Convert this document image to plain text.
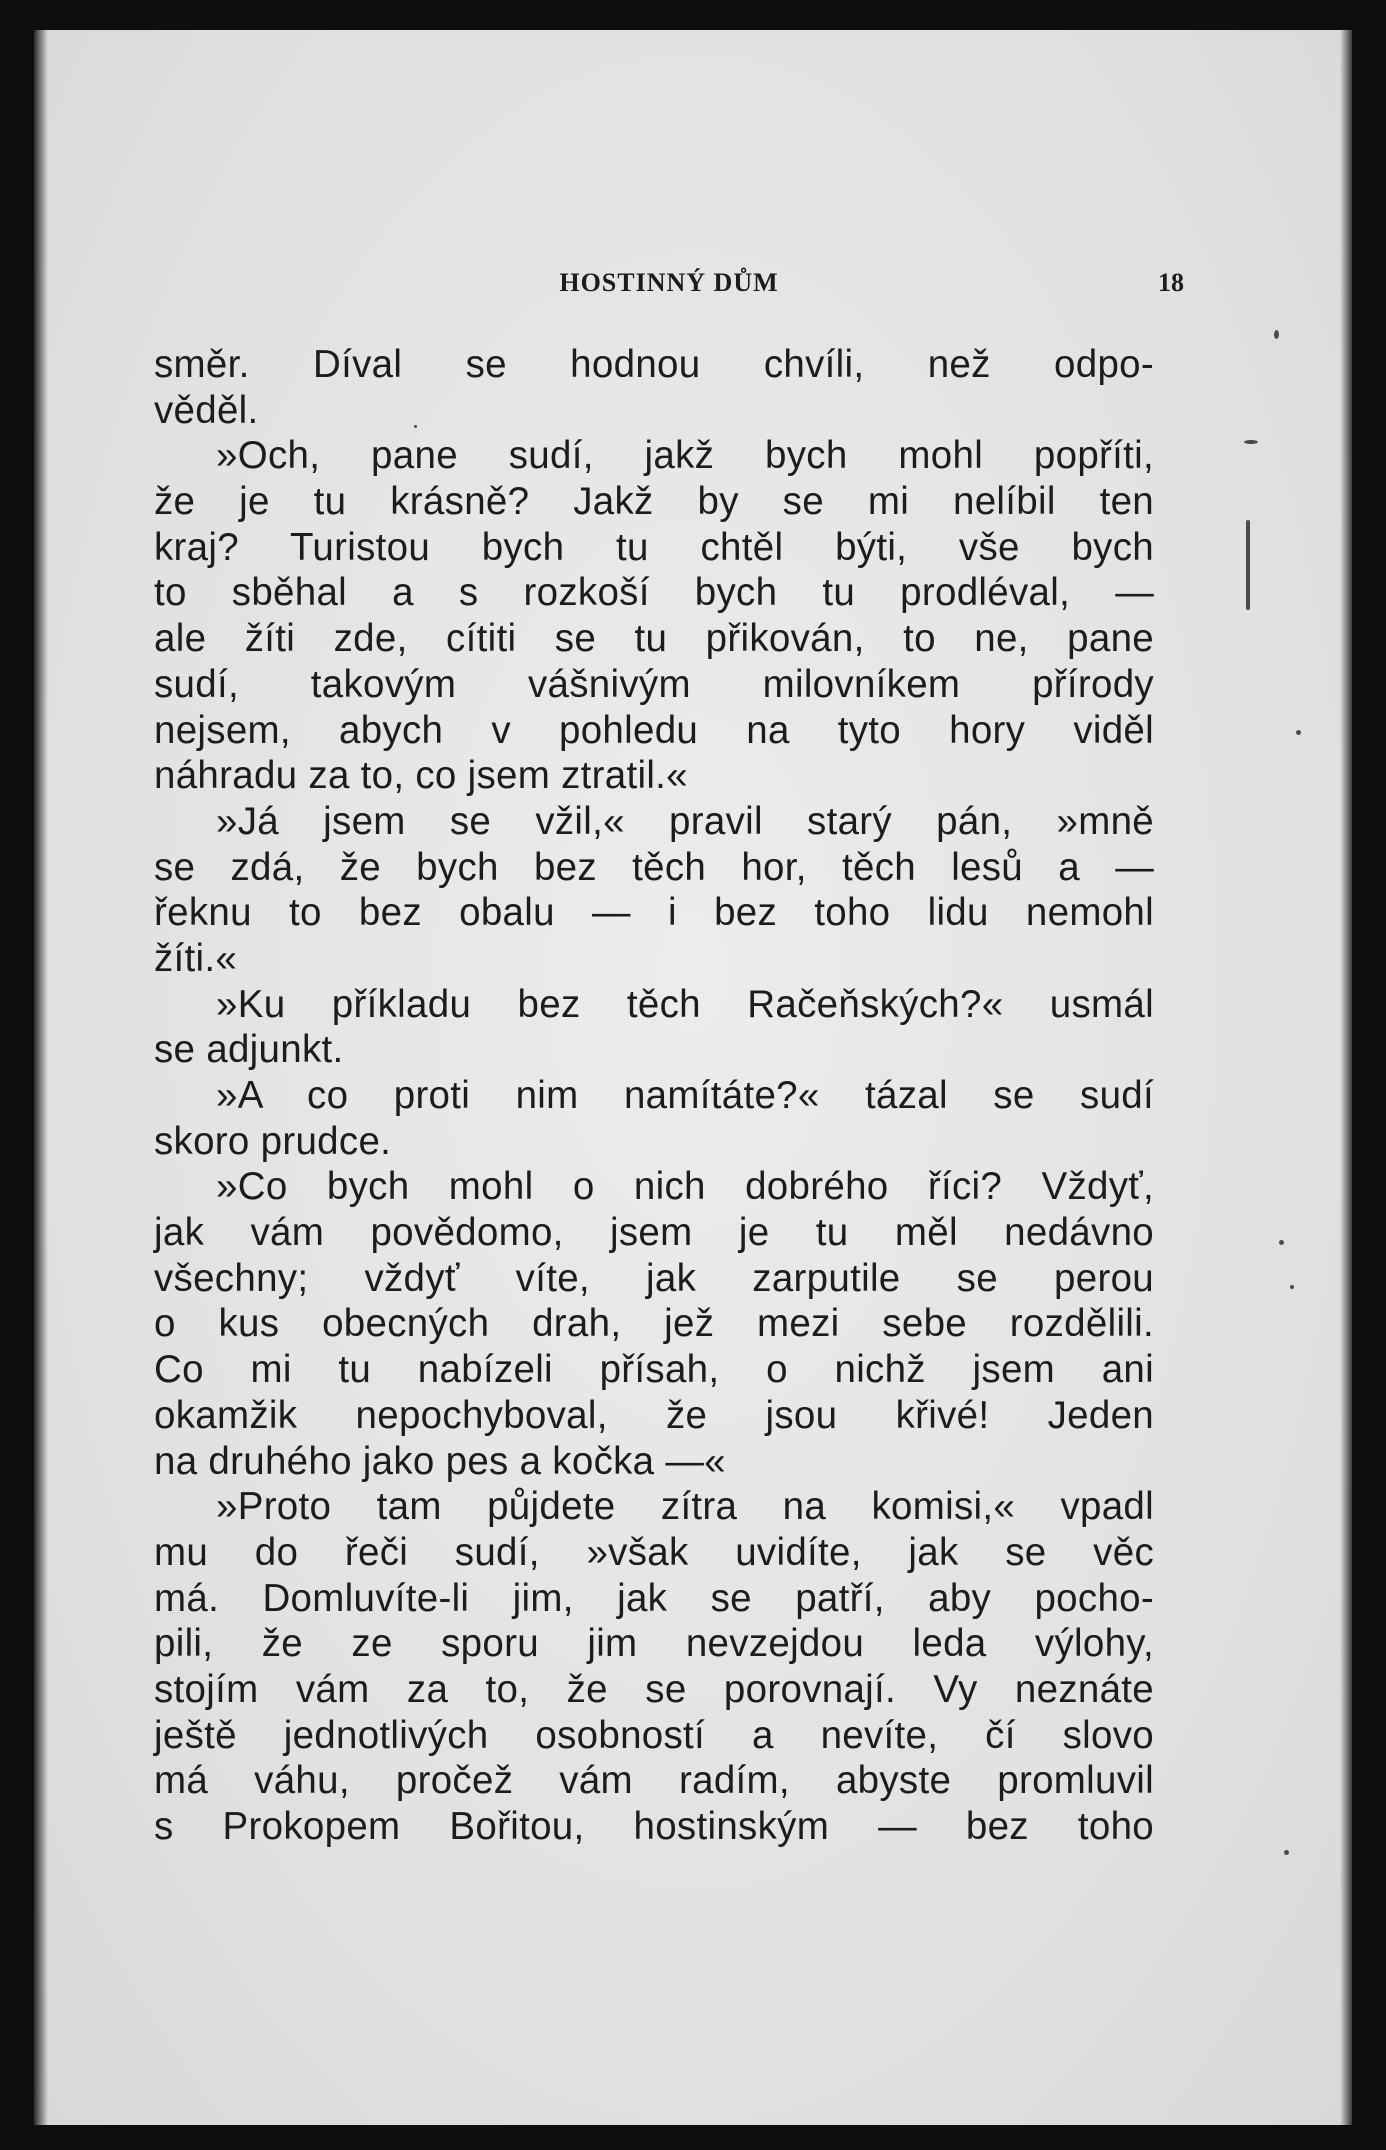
HOSTINNÝ DŮM	18
směr. Díval se hodnou chvíli, než odpo-
věděl.
»Och, pane sudí, jakž bych mohl popříti,
že je tu krásně? Jakž by se mi nelíbil ten
kraj? Turistou bych tu chtěl býti, vše bych
to sběhal a s rozkoší bych tu prodléval, —
ale žíti zde, cítiti se tu přikován, to ne, pane
sudí, takovým vášnivým milovníkem přírody
nejsem, abych v pohledu na tyto hory viděl
náhradu za to, co jsem ztratil.«
»Já jsem se vžil,« pravil starý pán, »mně
se zdá, že bych bez těch hor, těch lesů a —
řeknu to bez obalu — i bez toho lidu nemohl
žíti.«
»Ku příkladu bez těch Račeňských?« usmál
se adjunkt.
»A co proti nim namítáte?« tázal se sudí
skoro prudce.
»Co bych mohl o nich dobrého říci? Vždyť,
jak vám povědomo, jsem je tu měl nedávno
všechny; vždyť víte, jak zarputile se perou
o kus obecných drah, jež mezi sebe rozdělili.
Co mi tu nabízeli přísah, o nichž jsem ani
okamžik nepochyboval, že jsou křivé! Jeden
na druhého jako pes a kočka —«
»Proto tam půjdete zítra na komisi,« vpadl
mu do řeči sudí, »však uvidíte, jak se věc
má. Domluvíte-li jim, jak se patří, aby pocho-
pili, že ze sporu jim nevzejdou leda výlohy,
stojím vám za to, že se porovnají. Vy neznáte
ještě jednotlivých osobností a nevíte, čí slovo
má váhu, pročež vám radím, abyste promluvil
s Prokopem Bořitou, hostinským — bez toho
